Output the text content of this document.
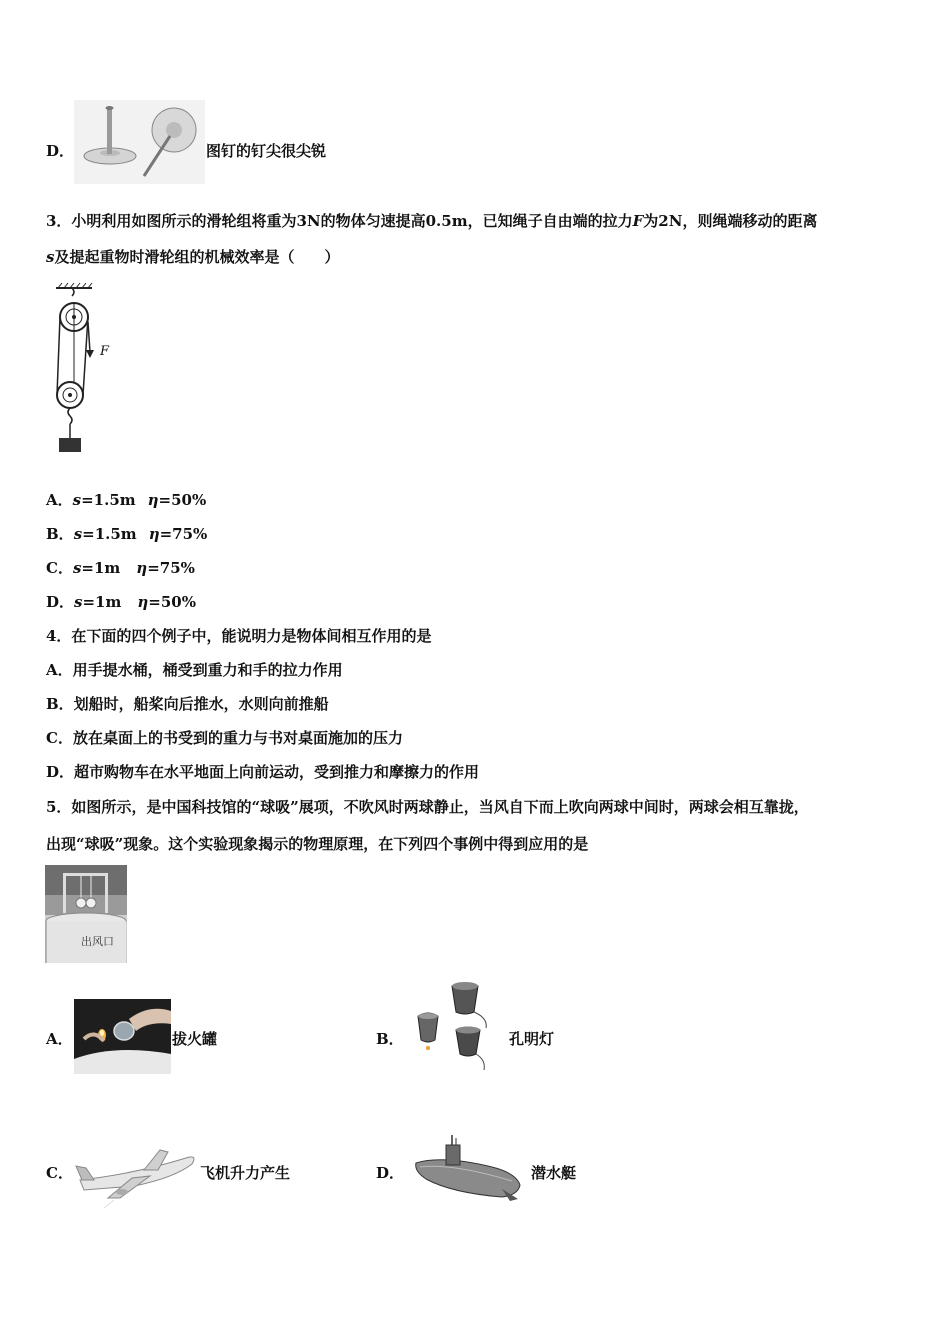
D．	图钉的钉尖很尖锐
3．小明利用如图所示的滑轮组将重为3N的物体匀速提高0.5m，已知绳子自由端的拉力F为2N，则绳端移动的距离
s及提起重物时滑轮组的机械效率是（　　）
F
A．s=1.5m η=50%
B．s=1.5m η=75%
C．s=1m η=75%
D．s=1m η=50%
4．在下面的四个例子中，能说明力是物体间相互作用的是
A．用手提水桶，桶受到重力和手的拉力作用
B．划船时，船桨向后推水，水则向前推船
C．放在桌面上的书受到的重力与书对桌面施加的压力
D．超市购物车在水平地面上向前运动，受到推力和摩擦力的作用
5．如图所示，是中国科技馆的“球吸”展项，不吹风时两球静止，当风自下而上吹向两球中间时，两球会相互靠拢，
出现“球吸”现象。这个实验现象揭示的物理原理，在下列四个事例中得到应用的是
出风口
A．	拔火罐	B．	孔明灯
C．	飞机升力产生	D．	潜水艇
